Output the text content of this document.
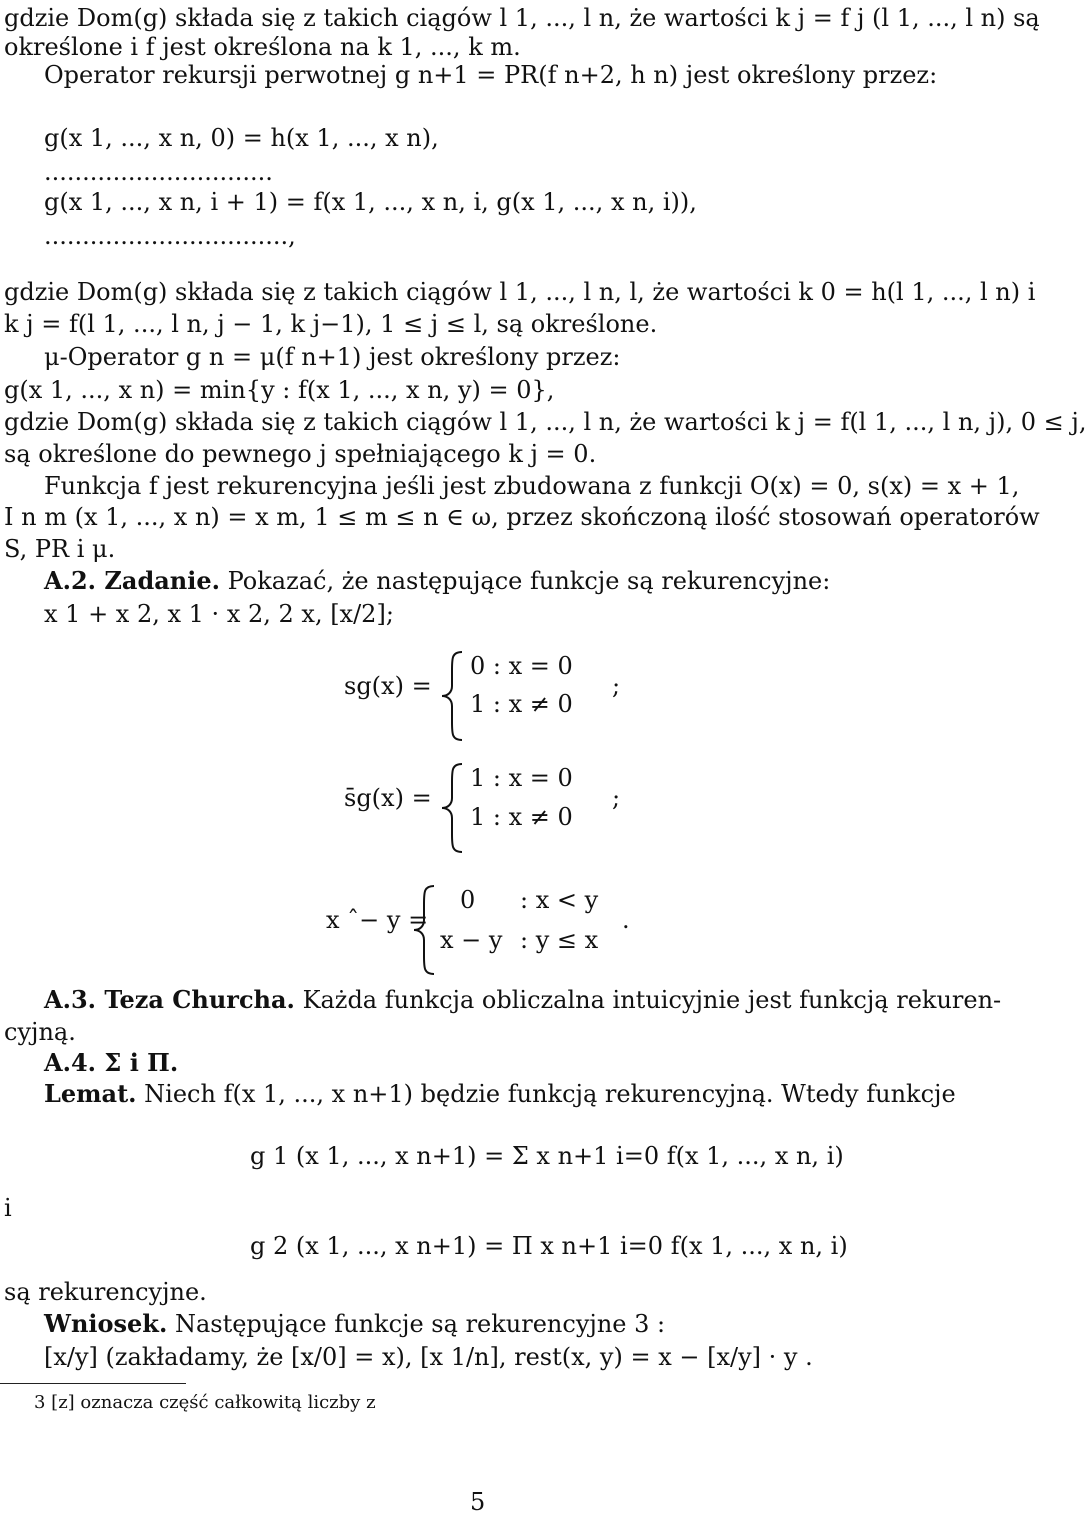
gdzie Dom(g) składa się z takich ciągów l 1, ..., l n, że wartości k j = f j (l 1, ..., l n) są
określone i f jest określona na k 1, ..., k m.
Operator rekursji perwotnej g n+1 = PR(f n+2, h n) jest określony przez:
g(x 1, ..., x n, 0) = h(x 1, ..., x n),
..............................
g(x 1, ..., x n, i + 1) = f(x 1, ..., x n, i, g(x 1, ..., x n, i)),
................................,
gdzie Dom(g) składa się z takich ciągów l 1, ..., l n, l, że wartości k 0 = h(l 1, ..., l n) i
k j = f(l 1, ..., l n, j − 1, k j−1), 1 ≤ j ≤ l, są określone.
μ-Operator g n = μ(f n+1) jest określony przez:
g(x 1, ..., x n) = min{y : f(x 1, ..., x n, y) = 0},
gdzie Dom(g) składa się z takich ciągów l 1, ..., l n, że wartości k j = f(l 1, ..., l n, j), 0 ≤ j,
są określone do pewnego j spełniającego k j = 0.
Funkcja f jest rekurencyjna jeśli jest zbudowana z funkcji O(x) = 0, s(x) = x + 1,
I n m (x 1, ..., x n) = x m, 1 ≤ m ≤ n ∈ ω, przez skończoną ilość stosowań operatorów
S, PR i μ.
A.2. Zadanie. Pokazać, że następujące funkcje są rekurencyjne:
x 1 + x 2, x 1 · x 2, 2 x, [x/2];
sg(x) =
0 : x = 0
1 : x ≠ 0
;
s̄g(x) =
1 : x = 0
1 : x ≠ 0
;
x ˆ− y =
0 : x < y
x − y : y ≤ x
.
A.3. Teza Churcha. Każda funkcja obliczalna intuicyjnie jest funkcją rekuren-
cyjną.
A.4. Σ i Π.
Lemat. Niech f(x 1, ..., x n+1) będzie funkcją rekurencyjną. Wtedy funkcje
g 1 (x 1, ..., x n+1) = Σ x n+1 i=0 f(x 1, ..., x n, i)
i
g 2 (x 1, ..., x n+1) = Π x n+1 i=0 f(x 1, ..., x n, i)
są rekurencyjne.
Wniosek. Następujące funkcje są rekurencyjne 3 :
[x/y] (zakładamy, że [x/0] = x), [x 1/n], rest(x, y) = x − [x/y] · y .
3 [z] oznacza część całkowitą liczby z
5
